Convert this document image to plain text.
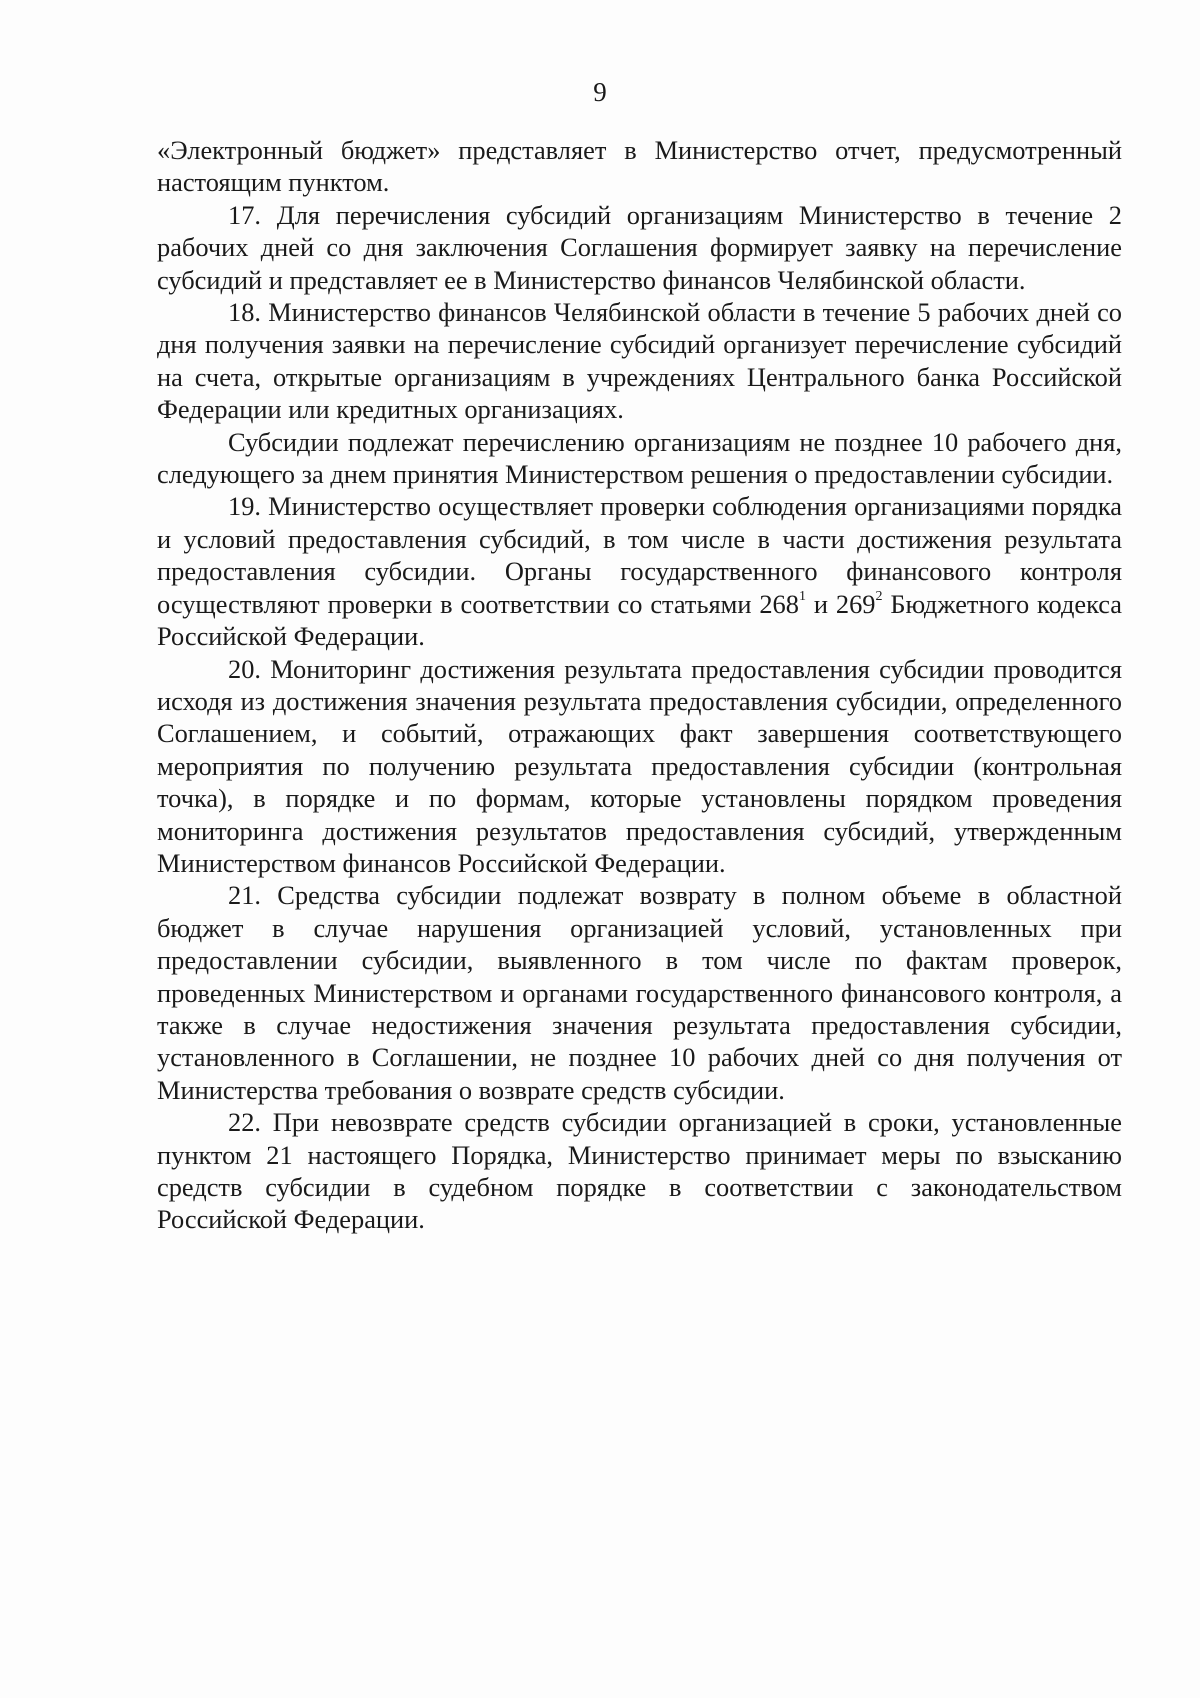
9

«Электронный бюджет» представляет в Министерство отчет, предусмотренный настоящим пунктом.

17. Для перечисления субсидий организациям Министерство в течение 2 рабочих дней со дня заключения Соглашения формирует заявку на перечисление субсидий и представляет ее в Министерство финансов Челябинской области.

18. Министерство финансов Челябинской области в течение 5 рабочих дней со дня получения заявки на перечисление субсидий организует перечисление субсидий на счета, открытые организациям в учреждениях Центрального банка Российской Федерации или кредитных организациях.

Субсидии подлежат перечислению организациям не позднее 10 рабочего дня, следующего за днем принятия Министерством решения о предоставлении субсидии.

19. Министерство осуществляет проверки соблюдения организациями порядка и условий предоставления субсидий, в том числе в части достижения результата предоставления субсидии. Органы государственного финансового контроля осуществляют проверки в соответствии со статьями $268^1$ и $269^2$ Бюджетного кодекса Российской Федерации.

20. Мониторинг достижения результата предоставления субсидии проводится исходя из достижения значения результата предоставления субсидии, определенного Соглашением, и событий, отражающих факт завершения соответствующего мероприятия по получению результата предоставления субсидии (контрольная точка), в порядке и по формам, которые установлены порядком проведения мониторинга достижения результатов предоставления субсидий, утвержденным Министерством финансов Российской Федерации.

21. Средства субсидии подлежат возврату в полном объеме в областной бюджет в случае нарушения организацией условий, установленных при предоставлении субсидии, выявленного в том числе по фактам проверок, проведенных Министерством и органами государственного финансового контроля, а также в случае недостижения значения результата предоставления субсидии, установленного в Соглашении, не позднее 10 рабочих дней со дня получения от Министерства требования о возврате средств субсидии.

22. При невозврате средств субсидии организацией в сроки, установленные пунктом 21 настоящего Порядка, Министерство принимает меры по взысканию средств субсидии в судебном порядке в соответствии с законодательством Российской Федерации.
